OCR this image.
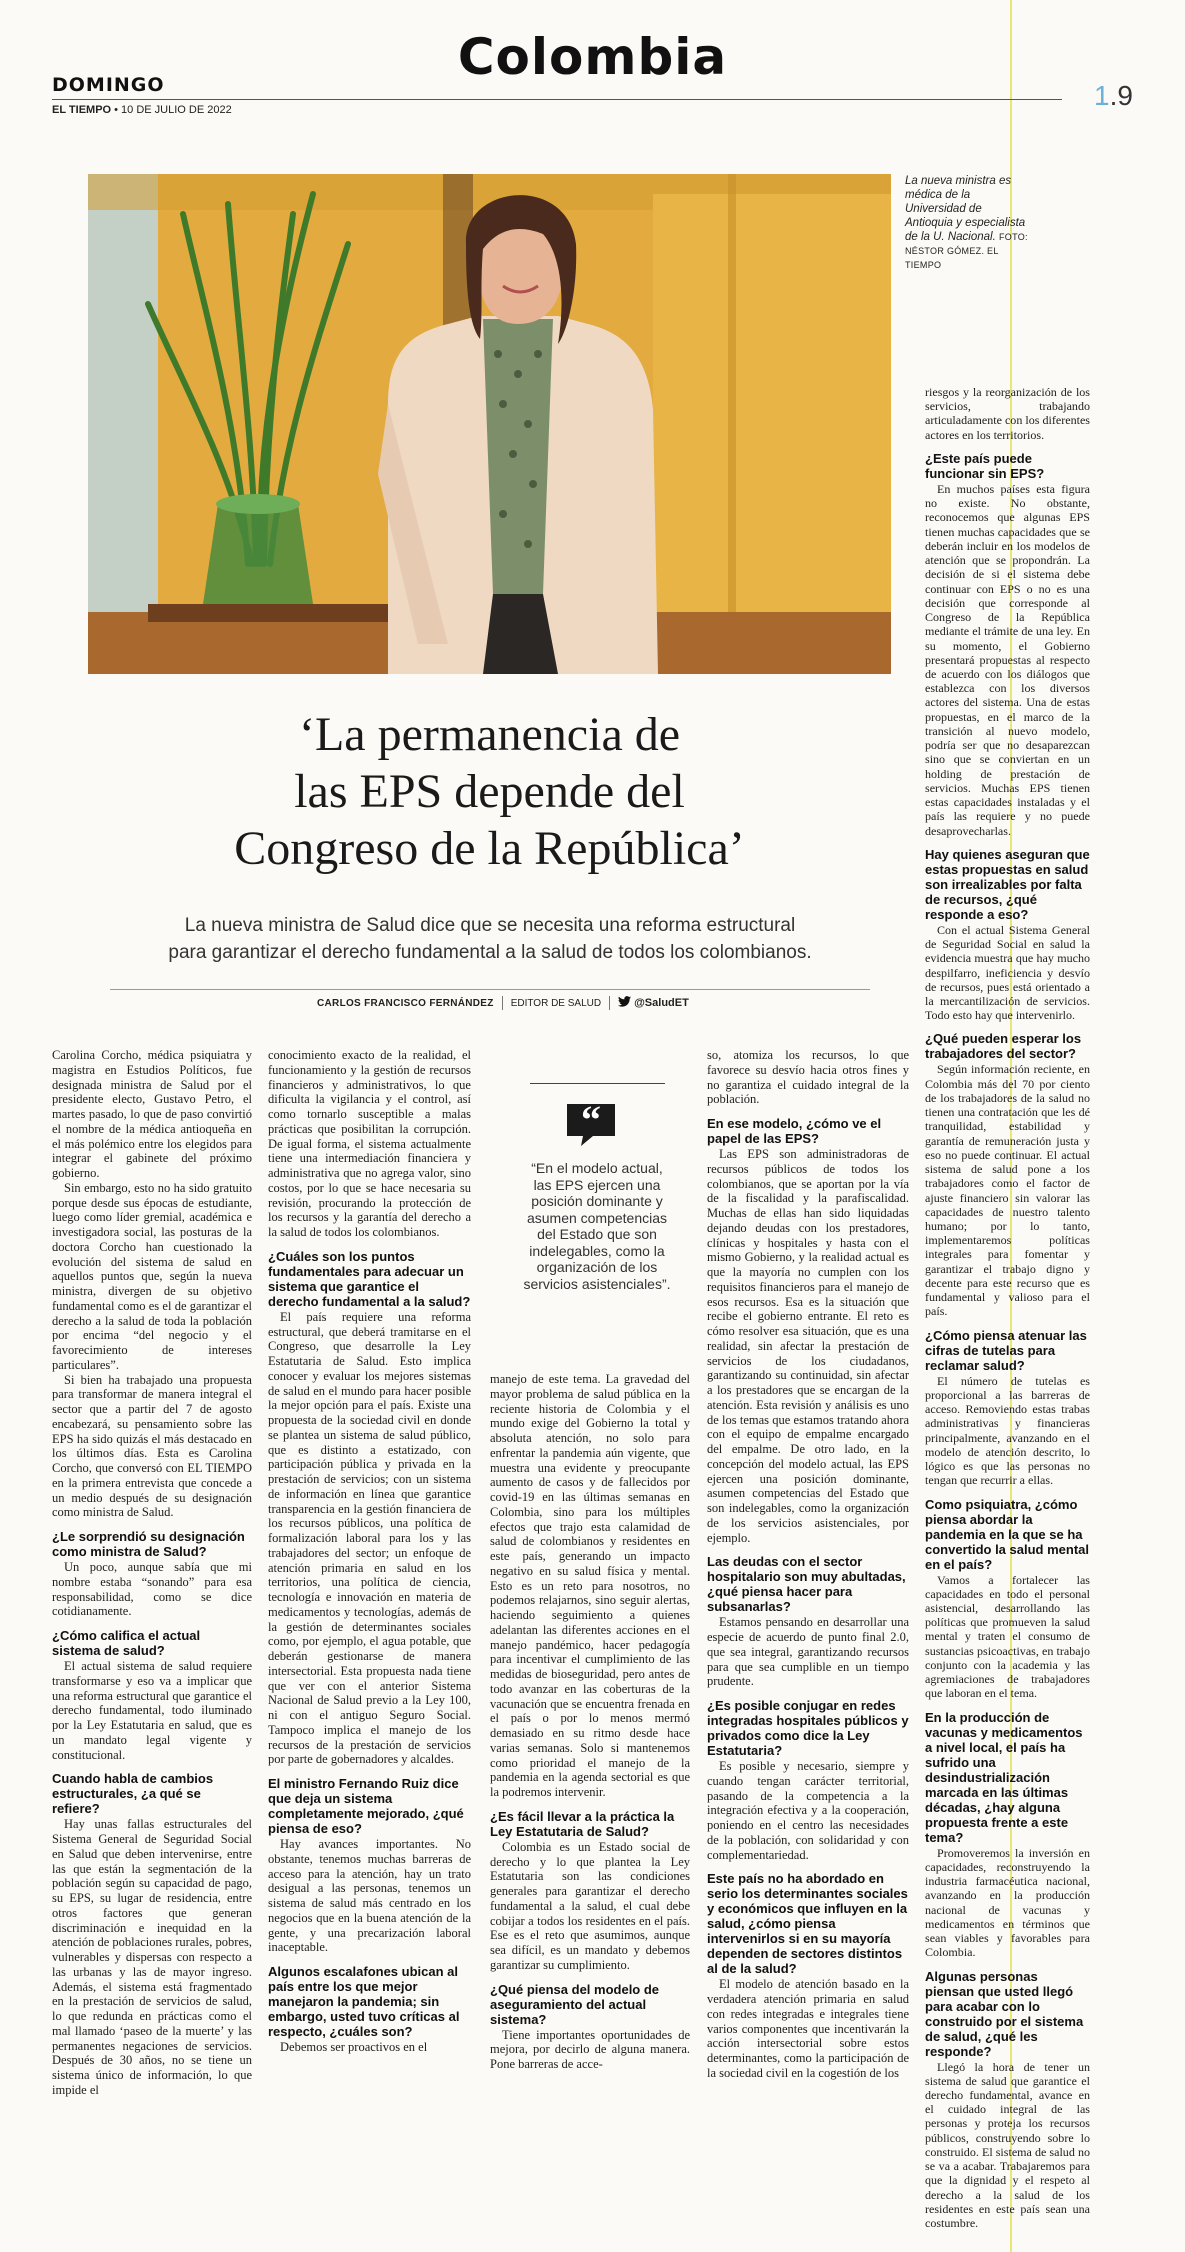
Colombia
DOMINGO
EL TIEMPO • 10 DE JULIO DE 2022	1.9
La nueva ministra es médica de la Universidad de Antioquia y especialista de la U. Nacional. FOTO: NÉSTOR GÓMEZ. EL TIEMPO
‘La permanencia de
las EPS depende del
Congreso de la República’
La nueva ministra de Salud dice que se necesita una reforma estructural
para garantizar el derecho fundamental a la salud de todos los colombianos.
CARLOS FRANCISCO FERNÁNDEZ EDITOR DE SALUD	@SaludET
“
“En el modelo actual, las EPS ejercen una posición dominante y asumen competencias del Estado que son indelegables, como la organización de los servicios asistenciales”.

Carolina Corcho, médica psiquiatra y magistra en Estudios Políticos, fue designada ministra de Salud por el presidente electo, Gustavo Petro, el martes pasado, lo que de paso convirtió el nombre de la médica antioqueña en el más polémico entre los elegidos para integrar el gabinete del próximo gobierno.

Sin embargo, esto no ha sido gratuito porque desde sus épocas de estudiante, luego como líder gremial, académica e investigadora social, las posturas de la doctora Corcho han cuestionado la evolución del sistema de salud en aquellos puntos que, según la nueva ministra, divergen de su objetivo fundamental como es el de garantizar el derecho a la salud de toda la población por encima “del negocio y el favorecimiento de intereses particulares”.

Si bien ha trabajado una propuesta para transformar de manera integral el sector que a partir del 7 de agosto encabezará, su pensamiento sobre las EPS ha sido quizás el más destacado en los últimos días. Esta es Carolina Corcho, que conversó con EL TIEMPO en la primera entrevista que concede a un medio después de su designación como ministra de Salud.

¿Le sorprendió su designación como ministra de Salud?

Un poco, aunque sabía que mi nombre estaba “sonando” para esa responsabilidad, como se dice cotidianamente.

¿Cómo califica el actual sistema de salud?

El actual sistema de salud requiere transformarse y eso va a implicar que una reforma estructural que garantice el derecho fundamental, todo iluminado por la Ley Estatutaria en salud, que es un mandato legal vigente y constitucional.

Cuando habla de cambios estructurales, ¿a qué se refiere?

Hay unas fallas estructurales del Sistema General de Seguridad Social en Salud que deben intervenirse, entre las que están la segmentación de la población según su capacidad de pago, su EPS, su lugar de residencia, entre otros factores que generan discriminación e inequidad en la atención de poblaciones rurales, pobres, vulnerables y dispersas con respecto a las urbanas y las de mayor ingreso. Además, el sistema está fragmentado en la prestación de servicios de salud, lo que redunda en prácticas como el mal llamado ‘paseo de la muerte’ y las permanentes negaciones de servicios. Después de 30 años, no se tiene un sistema único de información, lo que impide el

conocimiento exacto de la realidad, el funcionamiento y la gestión de recursos financieros y administrativos, lo que dificulta la vigilancia y el control, así como tornarlo susceptible a malas prácticas que posibilitan la corrupción. De igual forma, el sistema actualmente tiene una intermediación financiera y administrativa que no agrega valor, sino costos, por lo que se hace necesaria su revisión, procurando la protección de los recursos y la garantía del derecho a la salud de todos los colombianos.

¿Cuáles son los puntos fundamentales para adecuar un sistema que garantice el derecho fundamental a la salud?

El país requiere una reforma estructural, que deberá tramitarse en el Congreso, que desarrolle la Ley Estatutaria de Salud. Esto implica conocer y evaluar los mejores sistemas de salud en el mundo para hacer posible la mejor opción para el país. Existe una propuesta de la sociedad civil en donde se plantea un sistema de salud público, que es distinto a estatizado, con participación pública y privada en la prestación de servicios; con un sistema de información en línea que garantice transparencia en la gestión financiera de los recursos públicos, una política de formalización laboral para los y las trabajadores del sector; un enfoque de atención primaria en salud en los territorios, una política de ciencia, tecnología e innovación en materia de medicamentos y tecnologías, además de la gestión de determinantes sociales como, por ejemplo, el agua potable, que deberán gestionarse de manera intersectorial. Esta propuesta nada tiene que ver con el anterior Sistema Nacional de Salud previo a la Ley 100, ni con el antiguo Seguro Social. Tampoco implica el manejo de los recursos de la prestación de servicios por parte de gobernadores y alcaldes.

El ministro Fernando Ruiz dice que deja un sistema completamente mejorado, ¿qué piensa de eso?

Hay avances importantes. No obstante, tenemos muchas barreras de acceso para la atención, hay un trato desigual a las personas, tenemos un sistema de salud más centrado en los negocios que en la buena atención de la gente, y una precarización laboral inaceptable.

Algunos escalafones ubican al país entre los que mejor manejaron la pandemia; sin embargo, usted tuvo críticas al respecto, ¿cuáles son?

Debemos ser proactivos en el

manejo de este tema. La gravedad del mayor problema de salud pública en la reciente historia de Colombia y el mundo exige del Gobierno la total y absoluta atención, no solo para enfrentar la pandemia aún vigente, que muestra una evidente y preocupante aumento de casos y de fallecidos por covid-19 en las últimas semanas en Colombia, sino para los múltiples efectos que trajo esta calamidad de salud de colombianos y residentes en este país, generando un impacto negativo en su salud física y mental. Esto es un reto para nosotros, no podemos relajarnos, sino seguir alertas, haciendo seguimiento a quienes adelantan las diferentes acciones en el manejo pandémico, hacer pedagogía para incentivar el cumplimiento de las medidas de bioseguridad, pero antes de todo avanzar en las coberturas de la vacunación que se encuentra frenada en el país o por lo menos mermó demasiado en su ritmo desde hace varias semanas. Solo si mantenemos como prioridad el manejo de la pandemia en la agenda sectorial es que la podremos intervenir.

¿Es fácil llevar a la práctica la Ley Estatutaria de Salud?

Colombia es un Estado social de derecho y lo que plantea la Ley Estatutaria son las condiciones generales para garantizar el derecho fundamental a la salud, el cual debe cobijar a todos los residentes en el país. Ese es el reto que asumimos, aunque sea difícil, es un mandato y debemos garantizar su cumplimiento.

¿Qué piensa del modelo de aseguramiento del actual sistema?

Tiene importantes oportunidades de mejora, por decirlo de alguna manera. Pone barreras de acce-

so, atomiza los recursos, lo que favorece su desvío hacia otros fines y no garantiza el cuidado integral de la población.

En ese modelo, ¿cómo ve el papel de las EPS?

Las EPS son administradoras de recursos públicos de todos los colombianos, que se aportan por la vía de la fiscalidad y la parafiscalidad. Muchas de ellas han sido liquidadas dejando deudas con los prestadores, clínicas y hospitales y hasta con el mismo Gobierno, y la realidad actual es que la mayoría no cumplen con los requisitos financieros para el manejo de esos recursos. Esa es la situación que recibe el gobierno entrante. El reto es cómo resolver esa situación, que es una realidad, sin afectar la prestación de servicios de los ciudadanos, garantizando su continuidad, sin afectar a los prestadores que se encargan de la atención. Esta revisión y análisis es uno de los temas que estamos tratando ahora con el equipo de empalme encargado del empalme. De otro lado, en la concepción del modelo actual, las EPS ejercen una posición dominante, asumen competencias del Estado que son indelegables, como la organización de los servicios asistenciales, por ejemplo.

Las deudas con el sector hospitalario son muy abultadas, ¿qué piensa hacer para subsanarlas?

Estamos pensando en desarrollar una especie de acuerdo de punto final 2.0, que sea integral, garantizando recursos para que sea cumplible en un tiempo prudente.

¿Es posible conjugar en redes integradas hospitales públicos y privados como dice la Ley Estatutaria?

Es posible y necesario, siempre y cuando tengan carácter territorial, pasando de la competencia a la integración efectiva y a la cooperación, poniendo en el centro las necesidades de la población, con solidaridad y con complementariedad.

Este país no ha abordado en serio los determinantes sociales y económicos que influyen en la salud, ¿cómo piensa intervenirlos si en su mayoría dependen de sectores distintos al de la salud?

El modelo de atención basado en la verdadera atención primaria en salud con redes integradas e integrales tiene varios componentes que incentivarán la acción intersectorial sobre estos determinantes, como la participación de la sociedad civil en la cogestión de los

riesgos y la reorganización de los servicios, trabajando articuladamente con los diferentes actores en los territorios.

¿Este país puede funcionar sin EPS?

En muchos países esta figura no existe. No obstante, reconocemos que algunas EPS tienen muchas capacidades que se deberán incluir en los modelos de atención que se propondrán. La decisión de si el sistema debe continuar con EPS o no es una decisión que corresponde al Congreso de la República mediante el trámite de una ley. En su momento, el Gobierno presentará propuestas al respecto de acuerdo con los diálogos que establezca con los diversos actores del sistema. Una de estas propuestas, en el marco de la transición al nuevo modelo, podría ser que no desaparezcan sino que se conviertan en un holding de prestación de servicios. Muchas EPS tienen estas capacidades instaladas y el país las requiere y no puede desaprovecharlas.

Hay quienes aseguran que estas propuestas en salud son irrealizables por falta de recursos, ¿qué responde a eso?

Con el actual Sistema General de Seguridad Social en salud la evidencia muestra que hay mucho despilfarro, ineficiencia y desvío de recursos, pues está orientado a la mercantilización de servicios. Todo esto hay que intervenirlo.

¿Qué pueden esperar los trabajadores del sector?

Según información reciente, en Colombia más del 70 por ciento de los trabajadores de la salud no tienen una contratación que les dé tranquilidad, estabilidad y garantía de remuneración justa y eso no puede continuar. El actual sistema de salud pone a los trabajadores como el factor de ajuste financiero sin valorar las capacidades de nuestro talento humano; por lo tanto, implementaremos políticas integrales para fomentar y garantizar el trabajo digno y decente para este recurso que es fundamental y valioso para el país.

¿Cómo piensa atenuar las cifras de tutelas para reclamar salud?

El número de tutelas es proporcional a las barreras de acceso. Removiendo estas trabas administrativas y financieras principalmente, avanzando en el modelo de atención descrito, lo lógico es que las personas no tengan que recurrir a ellas.

Como psiquiatra, ¿cómo piensa abordar la pandemia en la que se ha convertido la salud mental en el país?

Vamos a fortalecer las capacidades en todo el personal asistencial, desarrollando las políticas que promueven la salud mental y traten el consumo de sustancias psicoactivas, en trabajo conjunto con la academia y las agremiaciones de trabajadores que laboran en el tema.

En la producción de vacunas y medicamentos a nivel local, el país ha sufrido una desindustrialización marcada en las últimas décadas, ¿hay alguna propuesta frente a este tema?

Promoveremos la inversión en capacidades, reconstruyendo la industria farmacéutica nacional, avanzando en la producción nacional de vacunas y medicamentos en términos que sean viables y favorables para Colombia.

Algunas personas piensan que usted llegó para acabar con lo construido por el sistema de salud, ¿qué les responde?

Llegó la hora de tener un sistema de salud que garantice el derecho fundamental, avance en el cuidado integral de las personas y proteja los recursos públicos, construyendo sobre lo construido. El sistema de salud no se va a acabar. Trabajaremos para que la dignidad y el respeto al derecho a la salud de los residentes en este país sean una costumbre.
